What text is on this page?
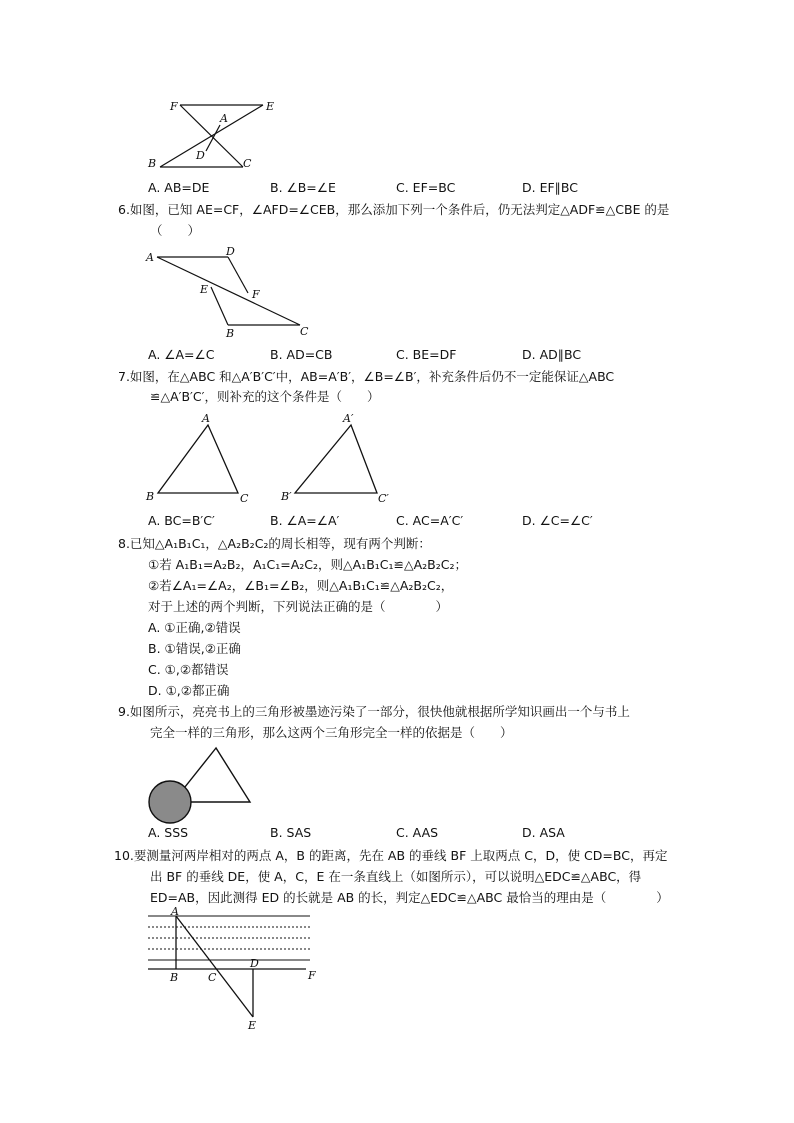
F	E
A
D
B	C
A. AB=DE	B. ∠B=∠E	C. EF=BC	D. EF∥BC
6.如图，已知 AE=CF，∠AFD=∠CEB，那么添加下列一个条件后，仍无法判定△ADF≌△CBE 的是
（　　）
A	D
E	F
B	C
A. ∠A=∠C	B. AD=CB	C. BE=DF	D. AD∥BC
7.如图，在△ABC 和△A′B′C′中，AB=A′B′，∠B=∠B′，补充条件后仍不一定能保证△ABC
≌△A′B′C′，则补充的这个条件是（　　）
A
B	C
A′
B′	C′
A. BC=B′C′	B. ∠A=∠A′	C. AC=A′C′	D. ∠C=∠C′
8.已知△A₁B₁C₁，△A₂B₂C₂的周长相等，现有两个判断：
①若 A₁B₁=A₂B₂，A₁C₁=A₂C₂，则△A₁B₁C₁≌△A₂B₂C₂；
②若∠A₁=∠A₂，∠B₁=∠B₂，则△A₁B₁C₁≌△A₂B₂C₂，
对于上述的两个判断，下列说法正确的是（　　　　）
A. ①正确,②错误
B. ①错误,②正确
C. ①,②都错误
D. ①,②都正确
9.如图所示，亮亮书上的三角形被墨迹污染了一部分，很快他就根据所学知识画出一个与书上
完全一样的三角形，那么这两个三角形完全一样的依据是（　　）
A. SSS	B. SAS	C. AAS	D. ASA
10.要测量河两岸相对的两点 A，B 的距离，先在 AB 的垂线 BF 上取两点 C，D，使 CD=BC，再定
出 BF 的垂线 DE，使 A，C，E 在一条直线上（如图所示），可以说明△EDC≌△ABC，得
ED=AB，因此测得 ED 的长就是 AB 的长，判定△EDC≌△ABC 最恰当的理由是（　　　　）
A
B	C
D
F
E
